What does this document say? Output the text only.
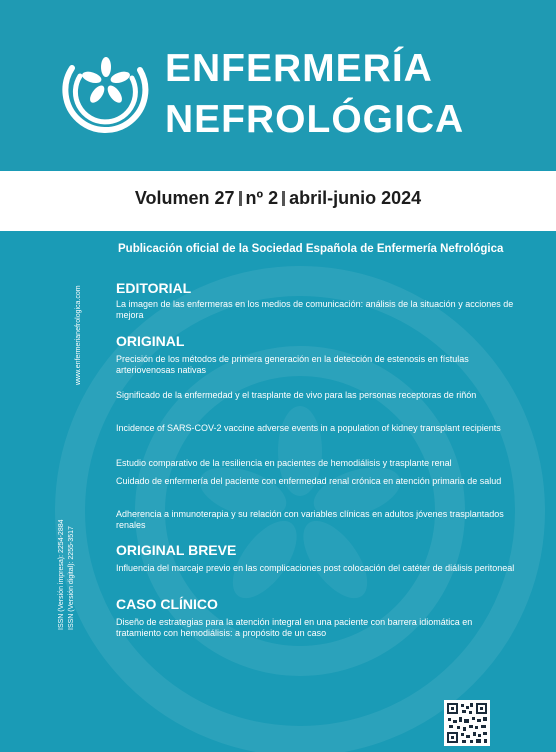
ENFERMERÍA
NEFROLÓGICA
Volumen 27 nº 2 abril-junio 2024
www.enfermerianefrologica.com
ISSN (Versión impresa): 2254-2884 ISSN (Versión digital): 2255-3517
Publicación oficial de la Sociedad Española de Enfermería Nefrológica
EDITORIAL
La imagen de las enfermeras en los medios de comunicación: análisis de la situación y acciones de mejora
ORIGINAL
Precisión de los métodos de primera generación en la detección de estenosis en fístulas arteriovenosas nativas
Significado de la enfermedad y el trasplante de vivo para las personas receptoras de riñón
Incidence of SARS-COV-2 vaccine adverse events in a population of kidney transplant recipients
Estudio comparativo de la resiliencia en pacientes de hemodiálisis y trasplante renal
Cuidado de enfermería del paciente con enfermedad renal crónica en atención primaria de salud
Adherencia a inmunoterapia y su relación con variables clínicas en adultos jóvenes trasplantados renales
ORIGINAL BREVE
Influencia del marcaje previo en las complicaciones post colocación del catéter de diálisis peritoneal
CASO CLÍNICO
Diseño de estrategias para la atención integral en una paciente con barrera idiomática en tratamiento con hemodiálisis: a propósito de un caso
